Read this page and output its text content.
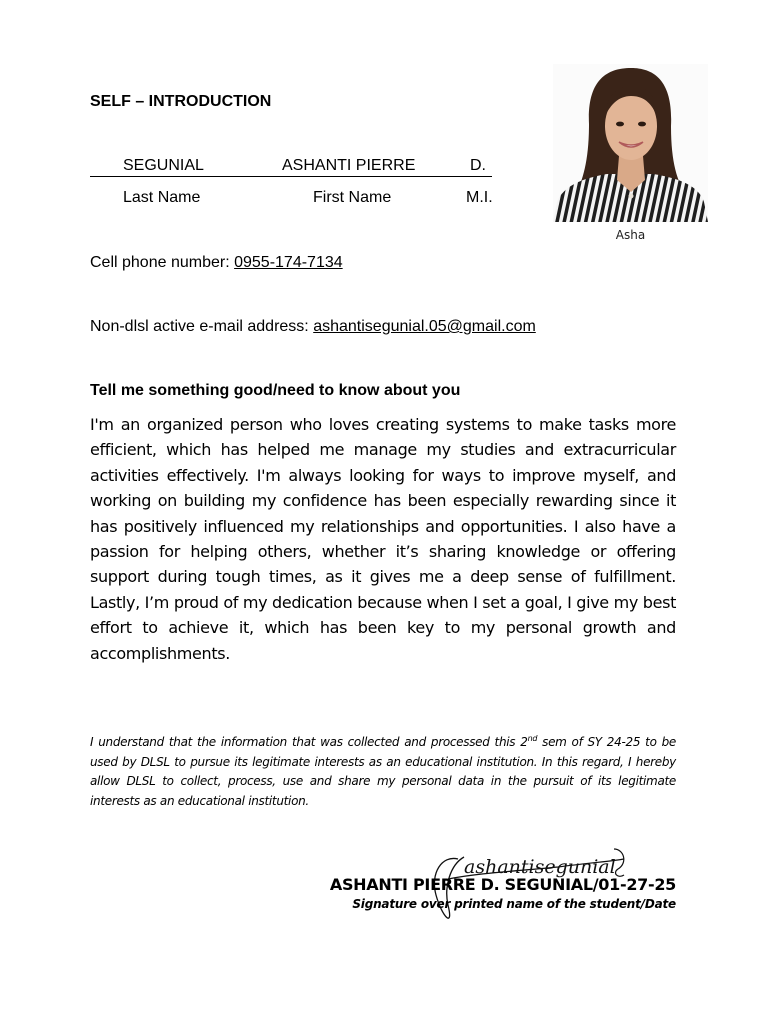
SELF – INTRODUCTION
SEGUNIAL	ASHANTI PIERRE	D.
Last Name	First Name	M.I.
Asha
Cell phone number: 0955-174-7134
Non-dlsl active e-mail address: ashantisegunial.05@gmail.com
Tell me something good/need to know about you
I'm an organized person who loves creating systems to make tasks more efficient, which has helped me manage my studies and extracurricular activities effectively. I'm always looking for ways to improve myself, and working on building my confidence has been especially rewarding since it has positively influenced my relationships and opportunities. I also have a passion for helping others, whether it’s sharing knowledge or offering support during tough times, as it gives me a deep sense of fulfillment. Lastly, I’m proud of my dedication because when I set a goal, I give my best effort to achieve it, which has been key to my personal growth and accomplishments.
I understand that the information that was collected and processed this 2nd sem of SY 24-25 to be used by DLSL to pursue its legitimate interests as an educational institution. In this regard, I hereby allow DLSL to collect, process, use and share my personal data in the pursuit of its legitimate interests as an educational institution.
ashantisegunial
ASHANTI PIERRE D. SEGUNIAL/01-27-25
Signature over printed name of the student/Date
